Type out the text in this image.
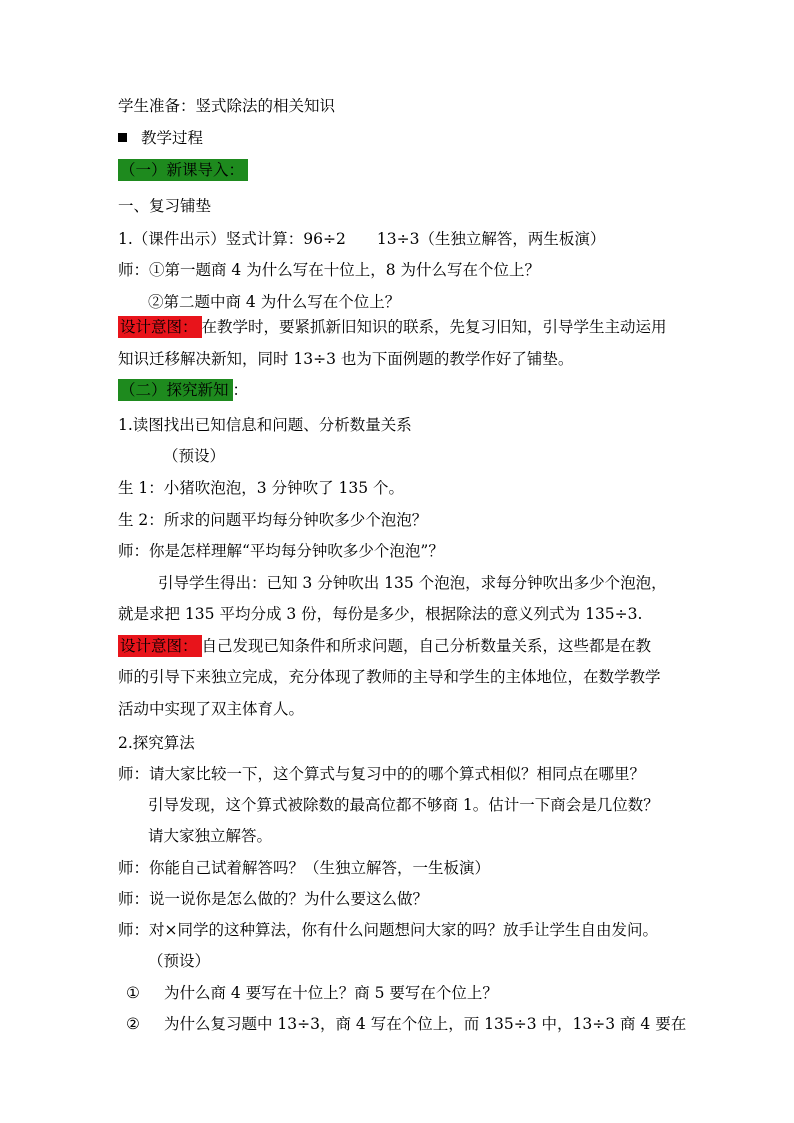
学生准备：竖式除法的相关知识
教学过程
（一）新课导入：
一、复习铺垫
1.（课件出示）竖式计算：96÷2　　13÷3（生独立解答，两生板演）
师：①第一题商 4 为什么写在十位上，8 为什么写在个位上？
②第二题中商 4 为什么写在个位上？
设计意图： 在教学时，要紧抓新旧知识的联系，先复习旧知，引导学生主动运用
知识迁移解决新知，同时 13÷3 也为下面例题的教学作好了铺垫。
（二）探究新知 ：
1.读图找出已知信息和问题、分析数量关系
（预设）
生 1：小猪吹泡泡，3 分钟吹了 135 个。
生 2：所求的问题平均每分钟吹多少个泡泡？
师：你是怎样理解“平均每分钟吹多少个泡泡”？
引导学生得出：已知 3 分钟吹出 135 个泡泡，求每分钟吹出多少个泡泡，
就是求把 135 平均分成 3 份，每份是多少，根据除法的意义列式为 135÷3.
设计意图： 自己发现已知条件和所求问题，自己分析数量关系，这些都是在教
师的引导下来独立完成，充分体现了教师的主导和学生的主体地位，在数学教学
活动中实现了双主体育人。
2.探究算法
师：请大家比较一下，这个算式与复习中的的哪个算式相似？相同点在哪里？
引导发现，这个算式被除数的最高位都不够商 1。估计一下商会是几位数？
请大家独立解答。
师：你能自己试着解答吗？（生独立解答，一生板演）
师：说一说你是怎么做的？为什么要这么做？
师：对×同学的这种算法，你有什么问题想问大家的吗？放手让学生自由发问。
（预设）
① 为什么商 4 要写在十位上？商 5 要写在个位上？
② 为什么复习题中 13÷3，商 4 写在个位上，而 135÷3 中，13÷3 商 4 要在
